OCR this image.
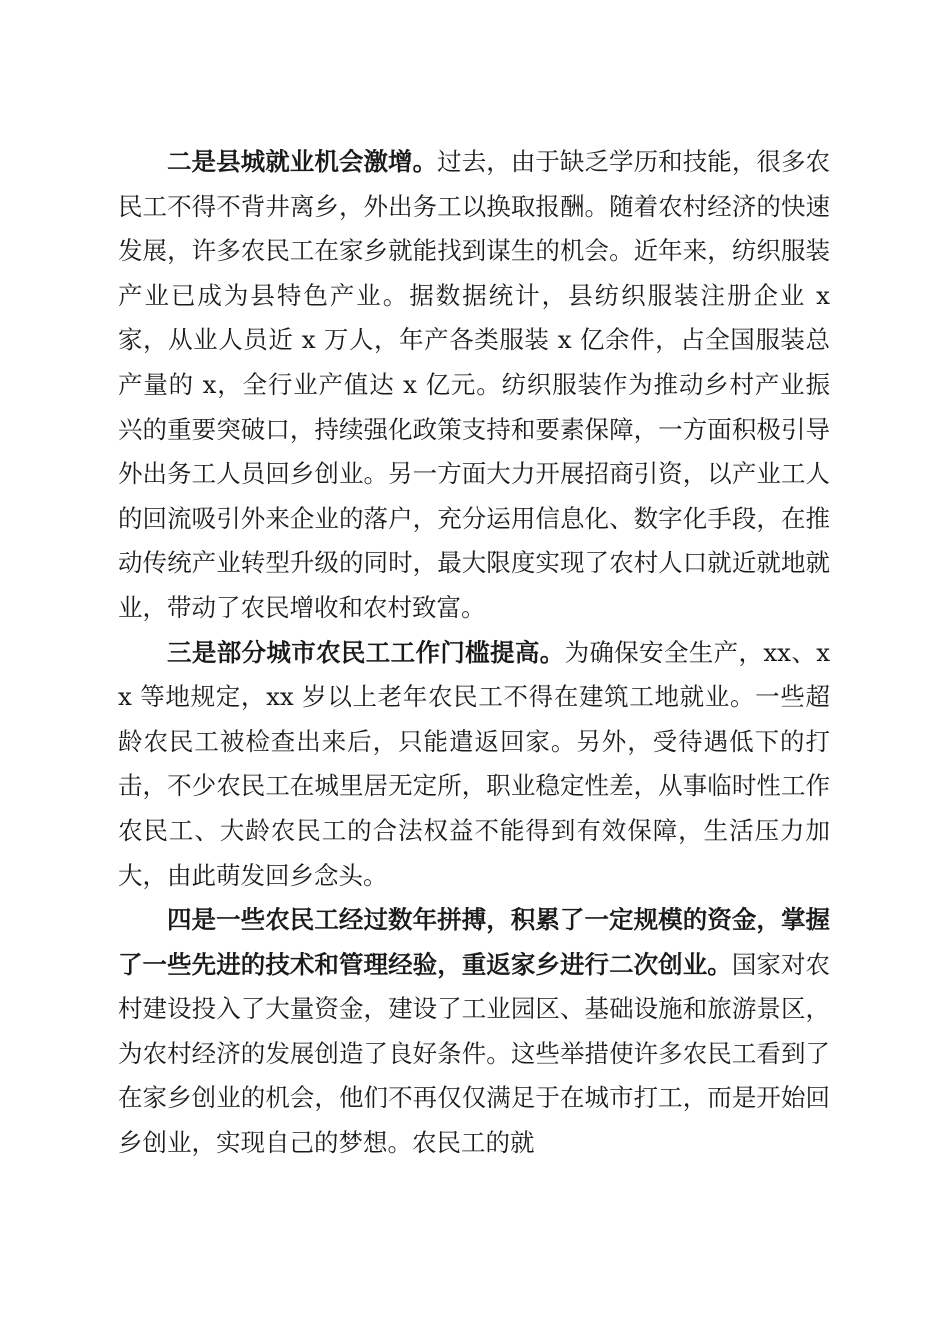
二是县城就业机会激增。过去，由于缺乏学历和技能，很多农民工不得不背井离乡，外出务工以换取报酬。随着农村经济的快速发展，许多农民工在家乡就能找到谋生的机会。近年来，纺织服装产业已成为县特色产业。据数据统计，县纺织服装注册企业 x 家，从业人员近 x 万人，年产各类服装 x 亿余件，占全国服装总产量的 x，全行业产值达 x 亿元。纺织服装作为推动乡村产业振兴的重要突破口，持续强化政策支持和要素保障，一方面积极引导外出务工人员回乡创业。另一方面大力开展招商引资，以产业工人的回流吸引外来企业的落户，充分运用信息化、数字化手段，在推动传统产业转型升级的同时，最大限度实现了农村人口就近就地就业，带动了农民增收和农村致富。

三是部分城市农民工工作门槛提高。为确保安全生产，xx、xx 等地规定，xx 岁以上老年农民工不得在建筑工地就业。一些超龄农民工被检查出来后，只能遣返回家。另外，受待遇低下的打击，不少农民工在城里居无定所，职业稳定性差，从事临时性工作农民工、大龄农民工的合法权益不能得到有效保障，生活压力加大，由此萌发回乡念头。

四是一些农民工经过数年拼搏，积累了一定规模的资金，掌握了一些先进的技术和管理经验，重返家乡进行二次创业。国家对农村建设投入了大量资金，建设了工业园区、基础设施和旅游景区，为农村经济的发展创造了良好条件。这些举措使许多农民工看到了在家乡创业的机会，他们不再仅仅满足于在城市打工，而是开始回乡创业，实现自己的梦想。农民工的就
